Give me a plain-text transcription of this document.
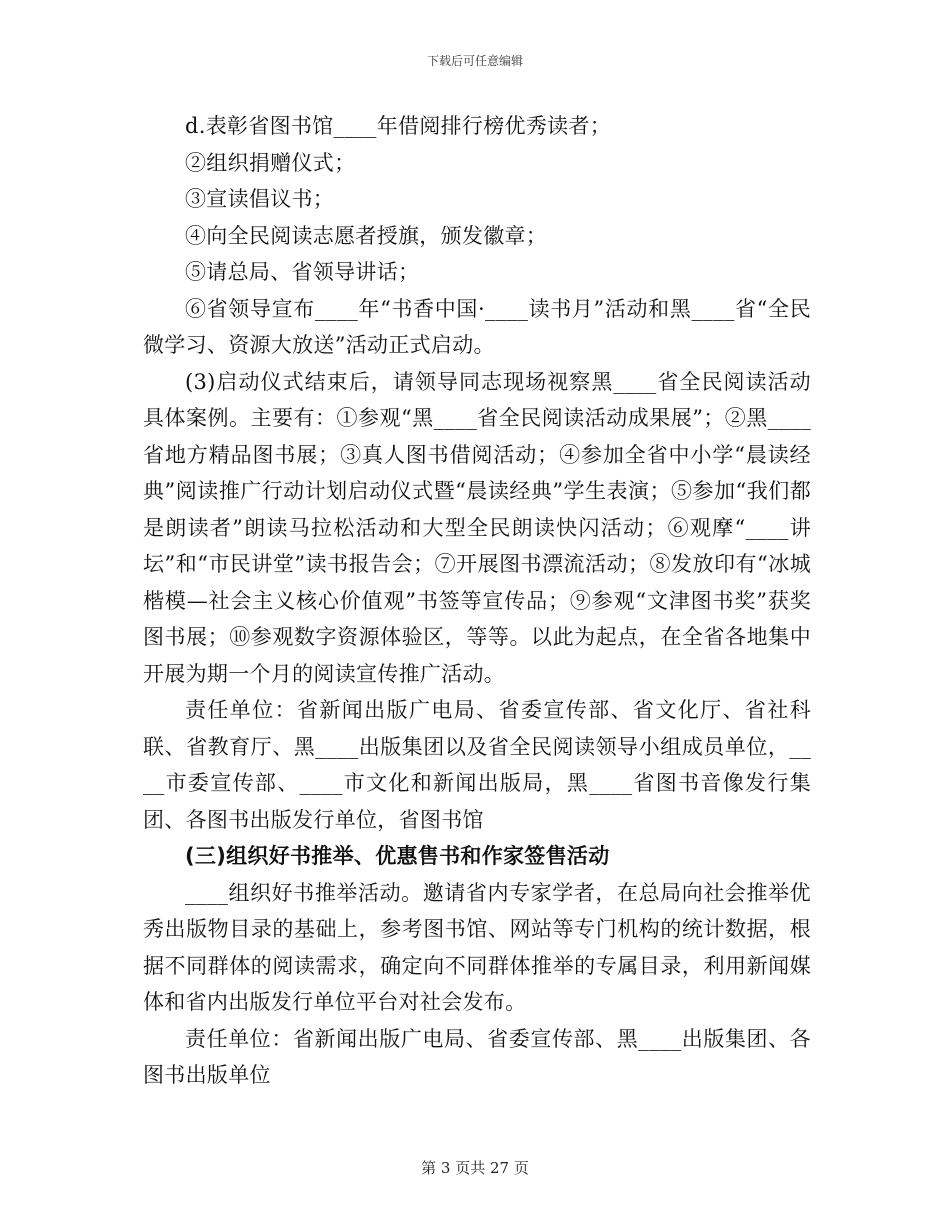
下载后可任意编辑

d.表彰省图书馆____年借阅排行榜优秀读者；

②组织捐赠仪式；

③宣读倡议书；

④向全民阅读志愿者授旗，颁发徽章；

⑤请总局、省领导讲话；

⑥省领导宣布____年“书香中国·____读书月”活动和黑____省“全民微学习、资源大放送”活动正式启动。

(3)启动仪式结束后，请领导同志现场视察黑____省全民阅读活动具体案例。主要有：①参观“黑____省全民阅读活动成果展”；②黑____省地方精品图书展；③真人图书借阅活动；④参加全省中小学“晨读经典”阅读推广行动计划启动仪式暨“晨读经典”学生表演；⑤参加“我们都是朗读者”朗读马拉松活动和大型全民朗读快闪活动；⑥观摩“____讲坛”和“市民讲堂”读书报告会；⑦开展图书漂流活动；⑧发放印有“冰城楷模—社会主义核心价值观”书签等宣传品；⑨参观“文津图书奖”获奖图书展；⑩参观数字资源体验区，等等。以此为起点，在全省各地集中开展为期一个月的阅读宣传推广活动。

责任单位：省新闻出版广电局、省委宣传部、省文化厅、省社科联、省教育厅、黑____出版集团以及省全民阅读领导小组成员单位，____市委宣传部、____市文化和新闻出版局，黑____省图书音像发行集团、各图书出版发行单位，省图书馆

(三)组织好书推举、优惠售书和作家签售活动

____组织好书推举活动。邀请省内专家学者，在总局向社会推举优秀出版物目录的基础上，参考图书馆、网站等专门机构的统计数据，根据不同群体的阅读需求，确定向不同群体推举的专属目录，利用新闻媒体和省内出版发行单位平台对社会发布。

责任单位：省新闻出版广电局、省委宣传部、黑____出版集团、各图书出版单位

第 3 页共 27 页
